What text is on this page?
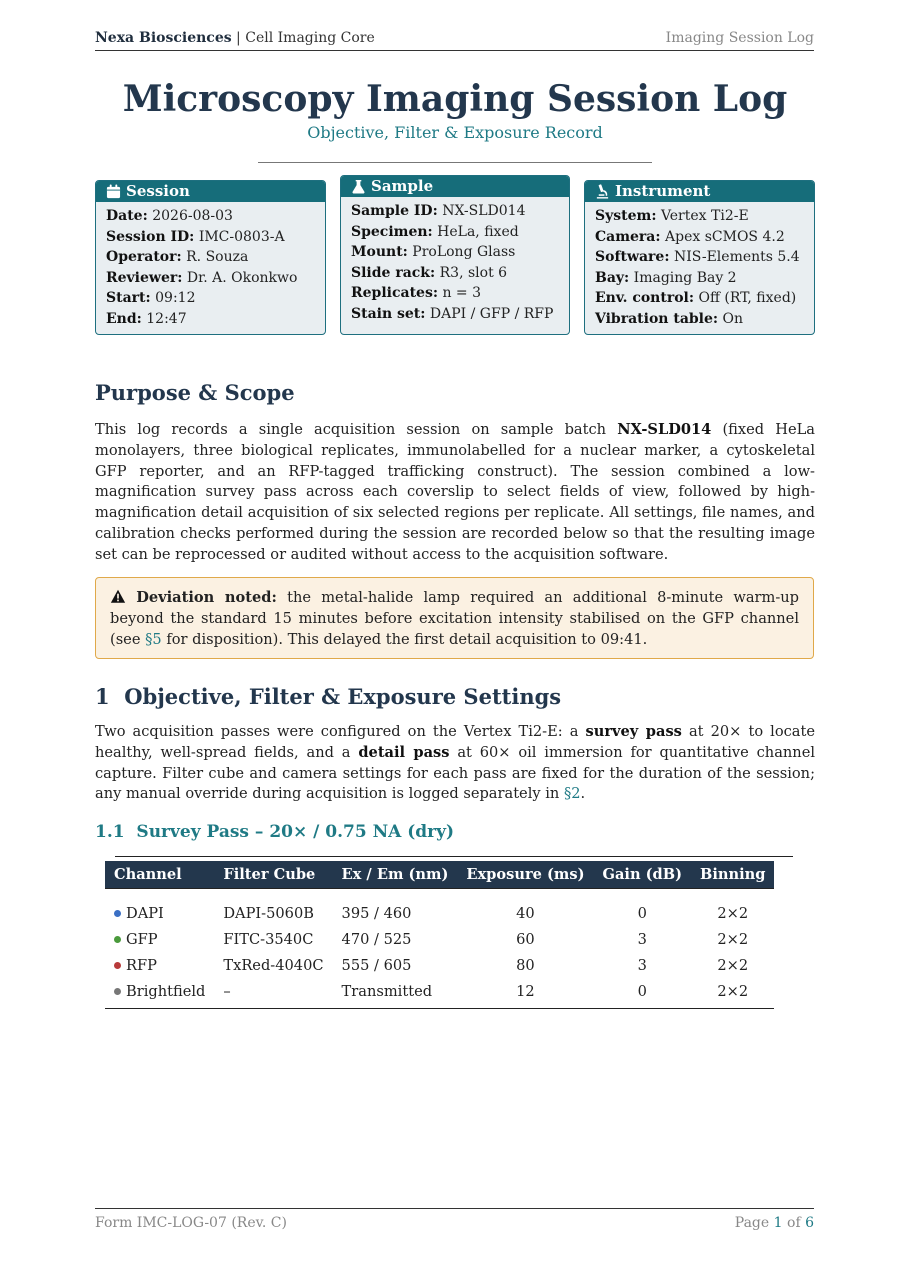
Nexa Biosciences | Cell Imaging Core	Imaging Session Log
Microscopy Imaging Session Log
Objective, Filter & Exposure Record
Session
Date: 2026-08-03
Session ID: IMC-0803-A
Operator: R. Souza
Reviewer: Dr. A. Okonkwo
Start: 09:12
End: 12:47
Sample
Sample ID: NX-SLD014
Specimen: HeLa, fixed
Mount: ProLong Glass
Slide rack: R3, slot 6
Replicates: n = 3
Stain set: DAPI / GFP / RFP
Instrument
System: Vertex Ti2-E
Camera: Apex sCMOS 4.2
Software: NIS-Elements 5.4
Bay: Imaging Bay 2
Env. control: Off (RT, fixed)
Vibration table: On
Purpose & Scope

This log records a single acquisition session on sample batch NX-SLD014 (fixed HeLa monolayers, three biological replicates, immunolabelled for a nuclear marker, a cytoskeletal GFP reporter, and an RFP-tagged trafficking construct). The session combined a low-magnification survey pass across each coverslip to select fields of view, followed by high-magnification detail acquisition of six selected regions per replicate. All settings, file names, and calibration checks performed during the session are recorded below so that the resulting image set can be reprocessed or audited without access to the acquisition software.

Deviation noted: the metal-halide lamp required an additional 8-minute warm-up beyond the standard 15 minutes before excitation intensity stabilised on the GFP channel (see §5 for disposition). This delayed the first detail acquisition to 09:41.
1  Objective, Filter & Exposure Settings

Two acquisition passes were configured on the Vertex Ti2-E: a survey pass at 20× to locate healthy, well-spread fields, and a detail pass at 60× oil immersion for quantitative channel capture. Filter cube and camera settings for each pass are fixed for the duration of the session; any manual override during acquisition is logged separately in §2.

1.1  Survey Pass – 20× / 0.75 NA (dry)
Channel	Filter Cube	Ex / Em (nm)	Exposure (ms)	Gain (dB)	Binning

DAPI	DAPI-5060B	395 / 460	40	0	2×2
GFP	FITC-3540C	470 / 525	60	3	2×2
RFP	TxRed-4040C	555 / 605	80	3	2×2
Brightfield	–	Transmitted	12	0	2×2
Form IMC-LOG-07 (Rev. C)	Page 1 of 6
